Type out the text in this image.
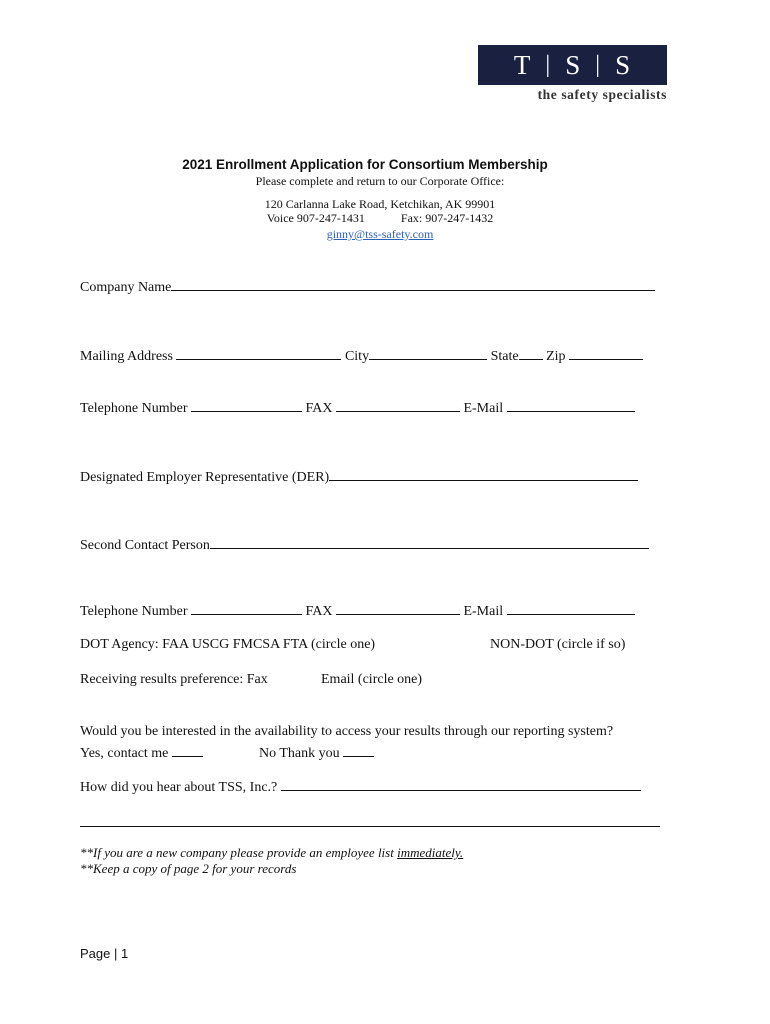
T | S | S
the safety specialists
2021 Enrollment Application for Consortium Membership
Please complete and return to our Corporate Office:
120 Carlanna Lake Road, Ketchikan, AK 99901
Voice 907-247-1431	Fax: 907-247-1432
ginny@tss-safety.com
Company Name
Mailing Address	City	State Zip
Telephone Number	FAX	E-Mail
Designated Employer Representative (DER)
Second Contact Person
Telephone Number	FAX	E-Mail
DOT Agency: FAA USCG FMCSA FTA (circle one)	NON-DOT (circle if so)
Receiving results preference: Fax	Email (circle one)
Would you be interested in the availability to access your results through our reporting system?
Yes, contact me	No Thank you
How did you hear about TSS, Inc.?
**If you are a new company please provide an employee list immediately.
**Keep a copy of page 2 for your records
Page | 1
